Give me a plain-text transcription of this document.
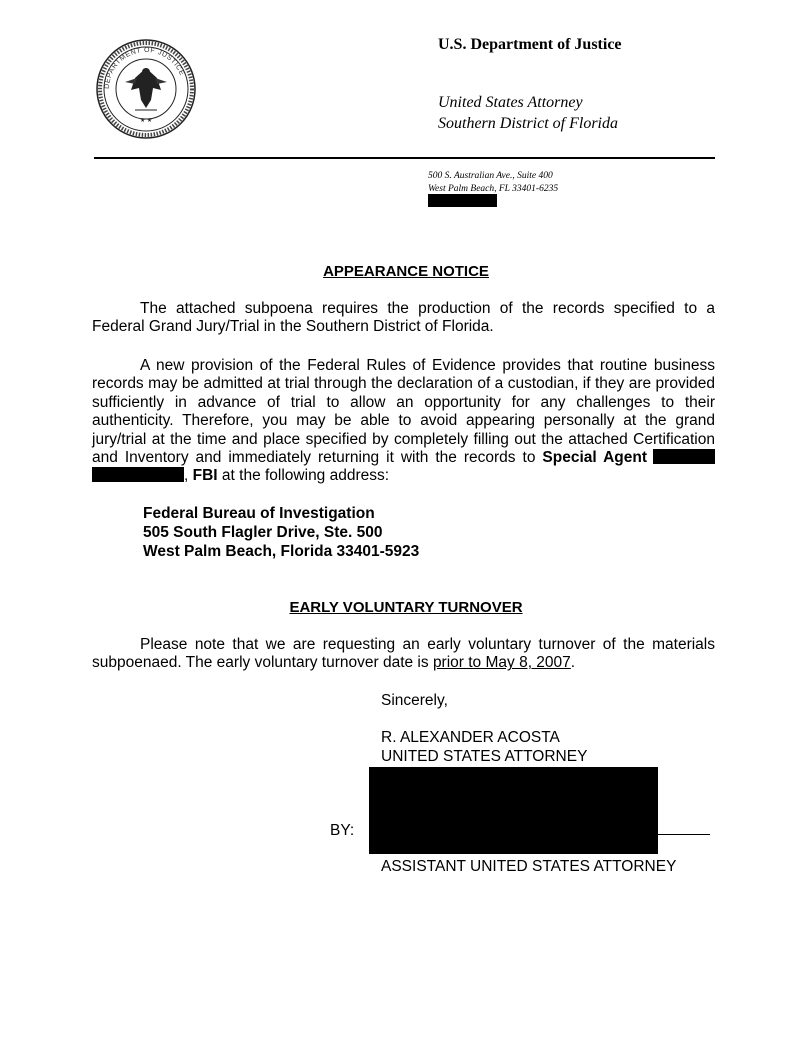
DEPARTMENT OF JUSTICE
★ ★
U.S. Department of Justice
United States Attorney
Southern District of Florida
500 S. Australian Ave., Suite 400
West Palm Beach, FL 33401-6235
APPEARANCE NOTICE
The attached subpoena requires the production of the records specified to a Federal Grand Jury/Trial in the Southern District of Florida.
A new provision of the Federal Rules of Evidence provides that routine business records may be admitted at trial through the declaration of a custodian, if they are provided sufficiently in advance of trial to allow an opportunity for any challenges to their authenticity. Therefore, you may be able to avoid appearing personally at the grand jury/trial at the time and place specified by completely filling out the attached Certification and Inventory and immediately returning it with the records to Special Agent , FBI at the following address:
Federal Bureau of Investigation
505 South Flagler Drive, Ste. 500
West Palm Beach, Florida 33401-5923
EARLY VOLUNTARY TURNOVER
Please note that we are requesting an early voluntary turnover of the materials subpoenaed. The early voluntary turnover date is prior to May 8, 2007.
Sincerely,
R. ALEXANDER ACOSTA
UNITED STATES ATTORNEY
BY:
ASSISTANT UNITED STATES ATTORNEY
